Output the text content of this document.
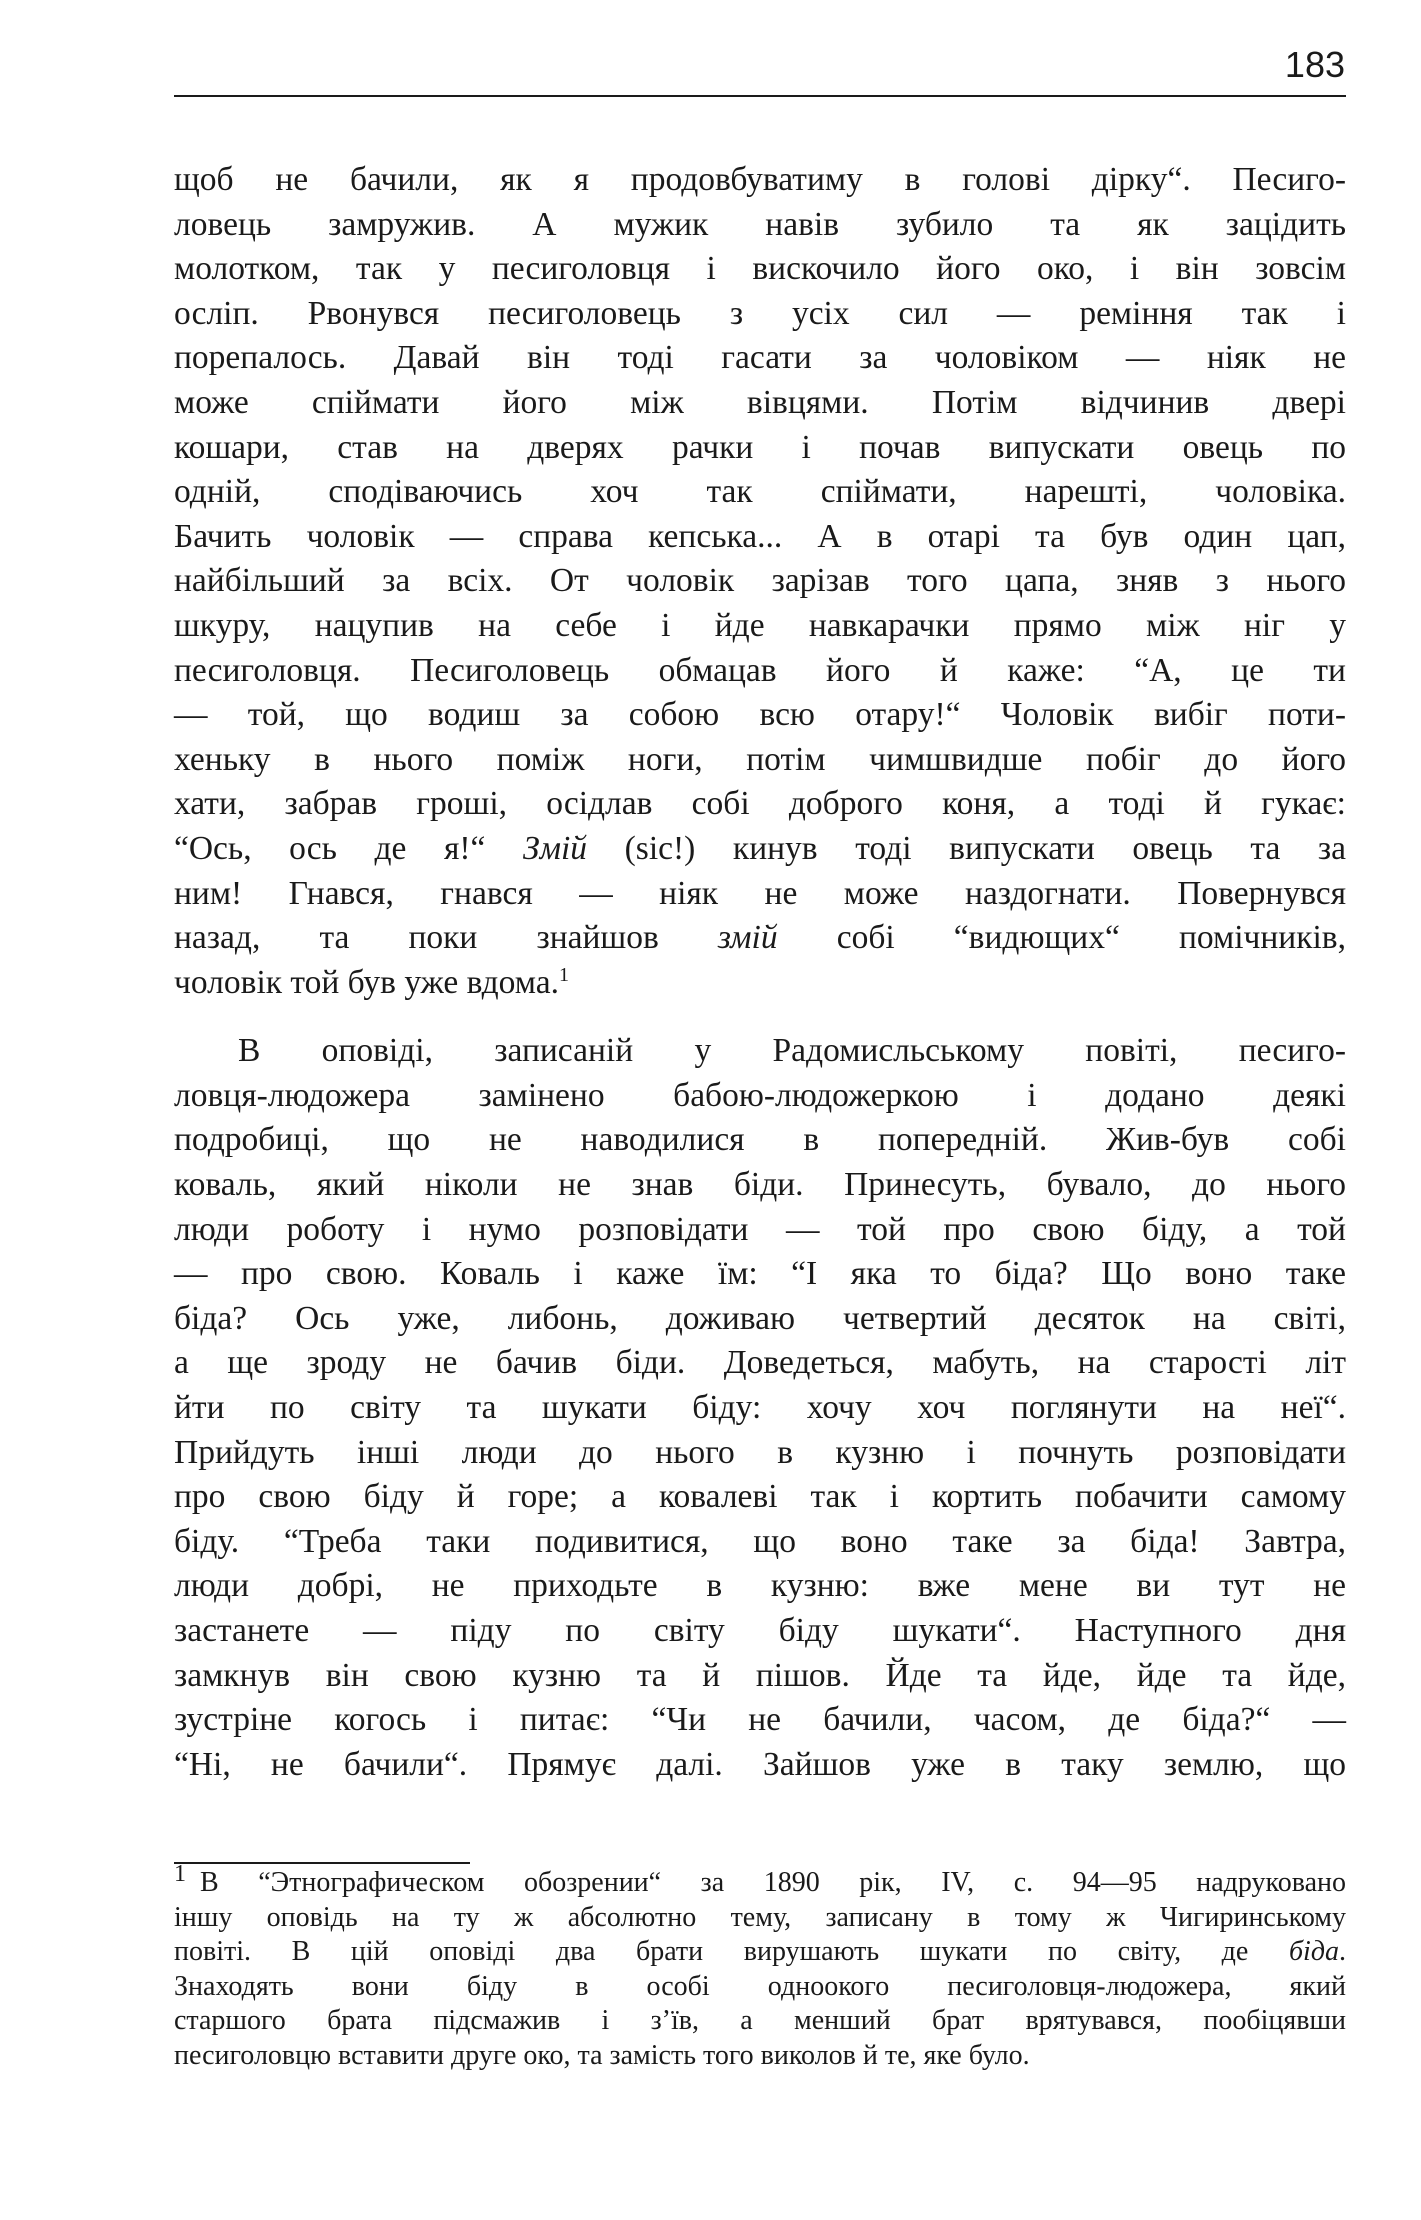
183
щоб не бачили, як я продовбуватиму в голові дірку“. Песиго-
ловець замружив. А мужик навів зубило та як зацідить
молотком, так у песиголовця і вискочило його око, і він зовсім
осліп. Рвонувся песиголовець з усіх сил — реміння так і
порепалось. Давай він тоді гасати за чоловіком — ніяк не
може спіймати його між вівцями. Потім відчинив двері
кошари, став на дверях рачки і почав випускати овець по
одній, сподіваючись хоч так спіймати, нарешті, чоловіка.
Бачить чоловік — справа кепська... А в отарі та був один цап,
найбільший за всіх. От чоловік зарізав того цапа, зняв з нього
шкуру, нацупив на себе і йде навкарачки прямо між ніг у
песиголовця. Песиголовець обмацав його й каже: “А, це ти
— той, що водиш за собою всю отару!“ Чоловік вибіг поти-
хеньку в нього поміж ноги, потім чимшвидше побіг до його
хати, забрав гроші, осідлав собі доброго коня, а тоді й гукає:
“Ось, ось де я!“ Змій (sic!) кинув тоді випускати овець та за
ним! Гнався, гнався — ніяк не може наздогнати. Повернувся
назад, та поки знайшов змій собі “видющих“ помічників,
чоловік той був уже вдома.$^1$
В оповіді, записаній у Радомисльському повіті, песиго-
ловця-людожера замінено бабою-людожеркою і додано деякі
подробиці, що не наводилися в попередній. Жив-був собі
коваль, який ніколи не знав біди. Принесуть, бувало, до нього
люди роботу і нумо розповідати — той про свою біду, а той
— про свою. Коваль і каже їм: “І яка то біда? Що воно таке
біда? Ось уже, либонь, доживаю четвертий десяток на світі,
а ще зроду не бачив біди. Доведеться, мабуть, на старості літ
йти по світу та шукати біду: хочу хоч поглянути на неї“.
Прийдуть інші люди до нього в кузню і почнуть розповідати
про свою біду й горе; а ковалеві так і кортить побачити самому
біду. “Треба таки подивитися, що воно таке за біда! Завтра,
люди добрі, не приходьте в кузню: вже мене ви тут не
застанете — піду по світу біду шукати“. Наступного дня
замкнув він свою кузню та й пішов. Йде та йде, йде та йде,
зустріне когось і питає: “Чи не бачили, часом, де біда?“ —
“Ні, не бачили“. Прямує далі. Зайшов уже в таку землю, що
1 В “Этнографическом обозрении“ за 1890 рік, IV, с. 94—95 надруковано
іншу оповідь на ту ж абсолютно тему, записану в тому ж Чигиринському
повіті. В цій оповіді два брати вирушають шукати по світу, де біда.
Знаходять вони біду в особі одноокого песиголовця-людожера, який
старшого брата підсмажив і з’їв, а менший брат врятувався, пообіцявши
песиголовцю вставити друге око, та замість того виколов й те, яке було.
